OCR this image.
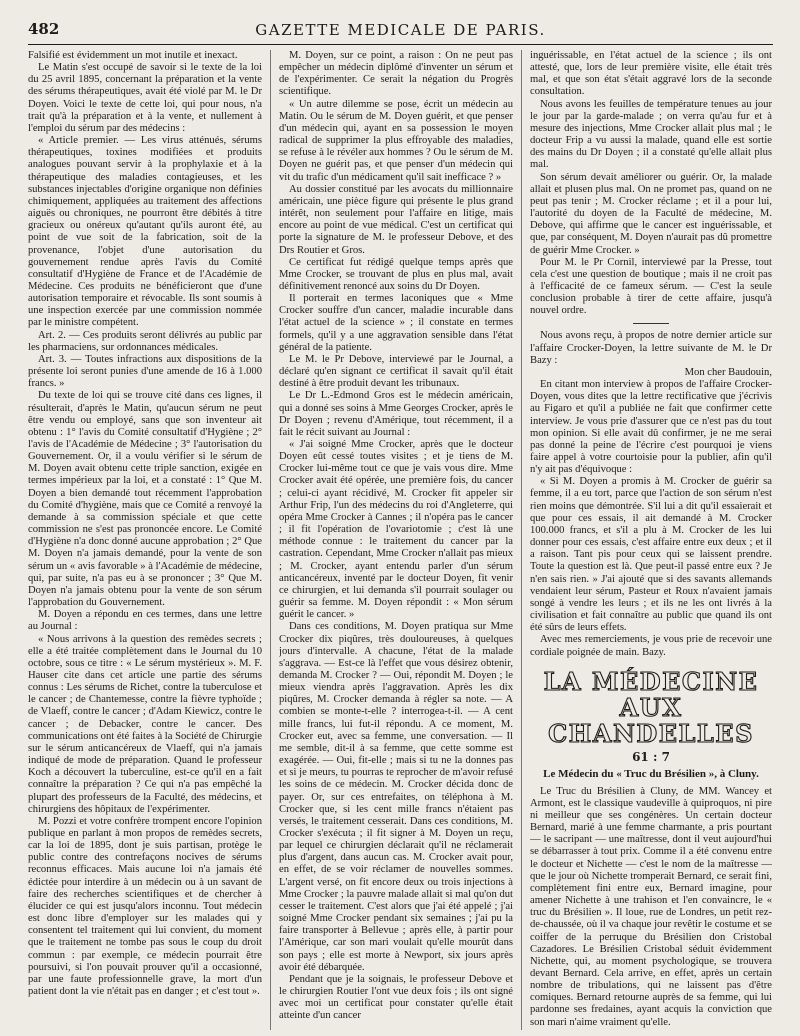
482	GAZETTE MEDICALE DE PARIS.

Falsifié est évidemment un mot inutile et inexact.

Le Matin s'est occupé de savoir si le texte de la loi du 25 avril 1895, concernant la préparation et la vente des sérums thérapeutiques, avait été violé par M. le Dr Doyen. Voici le texte de cette loi, qui pour nous, n'a trait qu'à la préparation et à la vente, et nullement à l'emploi du sérum par des médecins :

« Article premier. — Les virus atténués, sérums thérapeutiques, toxines modifiées et produits analogues pouvant servir à la prophylaxie et à la thérapeutique des maladies contagieuses, et les substances injectables d'origine organique non définies chimiquement, appliquées au traitement des affections aiguës ou chroniques, ne pourront être débités à titre gracieux ou onéreux qu'autant qu'ils auront été, au point de vue soit de la fabrication, soit de la provenance, l'objet d'une autorisation du gouvernement rendue après l'avis du Comité consultatif d'Hygiène de France et de l'Académie de Médecine. Ces produits ne bénéficieront que d'une autorisation temporaire et révocable. Ils sont soumis à une inspection exercée par une commission nommée par le ministre compétent.

Art. 2. — Ces produits seront délivrés au public par les pharmaciens, sur ordonnances médicales.

Art. 3. — Toutes infractions aux dispositions de la présente loi seront punies d'une amende de 16 à 1.000 francs. »

Du texte de loi qui se trouve cité dans ces lignes, il résulterait, d'après le Matin, qu'aucun sérum ne peut être vendu ou employé, sans que son inventeur ait obtenu : 1° l'avis du Comité consultatif d'Hygiène ; 2° l'avis de l'Académie de Médecine ; 3° l'autorisation du Gouvernement. Or, il a voulu vérifier si le sérum de M. Doyen avait obtenu cette triple sanction, exigée en termes impérieux par la loi, et a constaté : 1° Que M. Doyen a bien demandé tout récemment l'approbation du Comité d'hygiène, mais que ce Comité a renvoyé la demande à sa commission spéciale et que cette commission ne s'est pas prononcée encore. Le Comité d'Hygiène n'a donc donné aucune approbation ; 2° Que M. Doyen n'a jamais demandé, pour la vente de son sérum un « avis favorable » à l'Académie de médecine, qui, par suite, n'a pas eu à se prononcer ; 3° Que M. Doyen n'a jamais obtenu pour la vente de son sérum l'approbation du Gouvernement.

M. Doyen a répondu en ces termes, dans une lettre au Journal :

« Nous arrivons à la question des remèdes secrets ; elle a été traitée complètement dans le Journal du 10 octobre, sous ce titre : « Le sérum mystérieux ». M. F. Hauser cite dans cet article une partie des sérums connus : Les sérums de Richet, contre la tuberculose et le cancer ; de Chantemesse, contre la fièvre typhoïde ; de Vlaeff, contre le cancer ; d'Adam Kiewicz, contre le cancer ; de Debacker, contre le cancer. Des communications ont été faites à la Société de Chirurgie sur le sérum anticancéreux de Vlaeff, qui n'a jamais indiqué de mode de préparation. Quand le professeur Koch a découvert la tuberculine, est-ce qu'il en a fait connaître la préparation ? Ce qui n'a pas empêché la plupart des professeurs de la Faculté, des médecins, et chirurgiens des hôpitaux de l'expérimenter.

M. Pozzi et votre confrère trompent encore l'opinion publique en parlant à mon propos de remèdes secrets, car la loi de 1895, dont je suis partisan, protège le public contre des contrefaçons nocives de sérums reconnus efficaces. Mais aucune loi n'a jamais été édictée pour interdire à un médecin ou à un savant de faire des recherches scientifiques et de chercher à élucider ce qui est jusqu'alors inconnu. Tout médecin est donc libre d'employer sur les malades qui y consentent tel traitement qui lui convient, du moment que le traitement ne tombe pas sous le coup du droit commun : par exemple, ce médecin pourrait être poursuivi, si l'on pouvait prouver qu'il a occasionné, par une faute professionnelle grave, la mort d'un patient dont la vie n'était pas en danger ; et c'est tout ».

M. Doyen, sur ce point, a raison : On ne peut pas empêcher un médecin diplômé d'inventer un sérum et de l'expérimenter. Ce serait la négation du Progrès scientifique.

« Un autre dilemme se pose, écrit un médecin au Matin. Ou le sérum de M. Doyen guérit, et que penser d'un médecin qui, ayant en sa possession le moyen radical de supprimer la plus effroyable des maladies, se refuse à le révéler aux hommes ? Ou le sérum de M. Doyen ne guérit pas, et que penser d'un médecin qui vit du trafic d'un médicament qu'il sait inefficace ? »

Au dossier constitué par les avocats du millionnaire américain, une pièce figure qui présente le plus grand intérêt, non seulement pour l'affaire en litige, mais encore au point de vue médical. C'est un certificat qui porte la signature de M. le professeur Debove, et des Drs Routier et Gros.

Ce certificat fut rédigé quelque temps après que Mme Crocker, se trouvant de plus en plus mal, avait définitivement renoncé aux soins du Dr Doyen.

Il porterait en termes laconiques que « Mme Crocker souffre d'un cancer, maladie incurable dans l'état actuel de la science » ; il constate en termes formels, qu'il y a une aggravation sensible dans l'état général de la patiente.

Le M. le Pr Debove, interviewé par le Journal, a déclaré qu'en signant ce certificat il savait qu'il était destiné à être produit devant les tribunaux.

Le Dr L.-Edmond Gros est le médecin américain, qui a donné ses soins à Mme Georges Crocker, après le Dr Doyen ; revenu d'Amérique, tout récemment, il a fait le récit suivant au Journal :

« J'ai soigné Mme Crocker, après que le docteur Doyen eût cessé toutes visites ; et je tiens de M. Crocker lui-même tout ce que je vais vous dire. Mme Crocker avait été opérée, une première fois, du cancer ; celui-ci ayant récidivé, M. Crocker fit appeler sir Arthur Frip, l'un des médecins du roi d'Angleterre, qui opéra Mme Crocker à Cannes ; il n'opéra pas le cancer ; il fit l'opération de l'ovariotomie ; c'est là une méthode connue : le traitement du cancer par la castration. Cependant, Mme Crocker n'allait pas mieux ; M. Crocker, ayant entendu parler d'un sérum anticancéreux, inventé par le docteur Doyen, fit venir ce chirurgien, et lui demanda s'il pourrait soulager ou guérir sa femme. M. Doyen répondit : « Mon sérum guérit le cancer. »

Dans ces conditions, M. Doyen pratiqua sur Mme Crocker dix piqûres, très douloureuses, à quelques jours d'intervalle. A chacune, l'état de la malade s'aggrava. — Est-ce là l'effet que vous désirez obtenir, demanda M. Crocker ? — Oui, répondit M. Doyen ; le mieux viendra après l'aggravation. Après les dix piqûres, M. Crocker demanda à régler sa note. — A combien se monte-t-elle ? interrogea-t-il. — A cent mille francs, lui fut-il répondu. A ce moment, M. Crocker eut, avec sa femme, une conversation. — Il me semble, dit-il à sa femme, que cette somme est exagérée. — Oui, fit-elle ; mais si tu ne la donnes pas et si je meurs, tu pourras te reprocher de m'avoir refusé les soins de ce médecin. M. Crocker décida donc de payer. Or, sur ces entrefaites, on téléphona à M. Crocker que, si les cent mille francs n'étaient pas versés, le traitement cesserait. Dans ces conditions, M. Crocker s'exécuta ; il fit signer à M. Doyen un reçu, par lequel ce chirurgien déclarait qu'il ne réclamerait plus d'argent, dans aucun cas. M. Crocker avait pour, en effet, de se voir réclamer de nouvelles sommes. L'argent versé, on fit encore deux ou trois injections à Mme Crocker ; la pauvre malade allait si mal qu'on dut cesser le traitement. C'est alors que j'ai été appelé ; j'ai soigné Mme Crocker pendant six semaines ; j'ai pu la faire transporter à Bellevue ; après elle, à partir pour l'Amérique, car son mari voulait qu'elle mourût dans son pays ; elle est morte à Newport, six jours après avoir été débarquée.

Pendant que je la soignais, le professeur Debove et le chirurgien Routier l'ont vue deux fois ; ils ont signé avec moi un certificat pour constater qu'elle était atteinte d'un cancer

inguérissable, en l'état actuel de la science ; ils ont attesté, que, lors de leur première visite, elle était très mal, et que son état s'était aggravé lors de la seconde consultation.

Nous avons les feuilles de température tenues au jour le jour par la garde-malade ; on verra qu'au fur et à mesure des injections, Mme Crocker allait plus mal ; le docteur Frip a vu aussi la malade, quand elle est sortie des mains du Dr Doyen ; il a constaté qu'elle allait plus mal.

Son sérum devait améliorer ou guérir. Or, la malade allait et plusen plus mal. On ne promet pas, quand on ne peut pas tenir ; M. Crocker réclame ; et il a pour lui, l'autorité du doyen de la Faculté de médecine, M. Debove, qui affirme que le cancer est inguérissable, et que, par conséquent, M. Doyen n'aurait pas dû promettre de guérir Mme Crocker. »

Pour M. le Pr Cornil, interviewé par la Presse, tout cela c'est une question de boutique ; mais il ne croit pas à l'efficacité de ce fameux sérum. — C'est la seule conclusion probable à tirer de cette affaire, jusqu'à nouvel ordre.

Nous avons reçu, à propos de notre dernier article sur l'affaire Crocker-Doyen, la lettre suivante de M. le Dr Bazy :

Mon cher Baudouin,

En citant mon interview à propos de l'affaire Crocker-Doyen, vous dites que la lettre rectificative que j'écrivis au Figaro et qu'il a publiée ne fait que confirmer cette interview. Je vous prie d'assurer que ce n'est pas du tout mon opinion. Si elle avait dû confirmer, je ne me serai pas donné la peine de l'écrire c'est pourquoi je viens faire appel à votre courtoisie pour la publier, afin qu'il n'y ait pas d'équivoque :

« Si M. Doyen a promis à M. Crocker de guérir sa femme, il a eu tort, parce que l'action de son sérum n'est rien moins que démontrée. S'il lui a dit qu'il essaierait et que pour ces essais, il ait demandé à M. Crocker 100.000 francs, et s'il a plu à M. Crocker de les lui donner pour ces essais, c'est affaire entre eux deux ; et il a raison. Tant pis pour ceux qui se laissent prendre. Toute la question est là. Que peut-il passé entre eux ? Je n'en sais rien. » J'ai ajouté que si des savants allemands vendaient leur sérum, Pasteur et Roux n'avaient jamais songé à vendre les leurs ; et ils ne les ont livrés à la civilisation et fait connaître au public que quand ils ont été sûrs de leurs effets.

Avec mes remerciements, je vous prie de recevoir une cordiale poignée de main. Bazy.

LA MÉDECINE
AUX CHANDELLES
61 : 7
Le Médecin du « Truc du Brésilien », à Cluny.

Le Truc du Brésilien à Cluny, de MM. Wancey et Armont, est le classique vaudeville à quiproquos, ni pire ni meilleur que ses congénères. Un certain docteur Bernard, marié à une femme charmante, a pris pourtant — le sacripant — une maîtresse, dont il veut aujourd'hui se débarrasser à tout prix. Comme il a été convenu entre le docteur et Nichette — c'est le nom de la maîtresse — que le jour où Nichette tromperait Bernard, ce serait fini, complètement fini entre eux, Bernard imagine, pour amener Nichette à une trahison et l'en convaincre, le « truc du Brésilien ». Il loue, rue de Londres, un petit rez-de-chaussée, où il va chaque jour revêtir le costume et se coiffer de la perruque du Brésilien don Cristobal Cazadores. Le Brésilien Cristobal séduit évidemment Nichette, qui, au moment psychologique, se trouvera devant Bernard. Cela arrive, en effet, après un certain nombre de tribulations, qui ne laissent pas d'être comiques. Bernard retourne auprès de sa femme, qui lui pardonne ses fredaines, ayant acquis la conviction que son mari n'aime vraiment qu'elle.
